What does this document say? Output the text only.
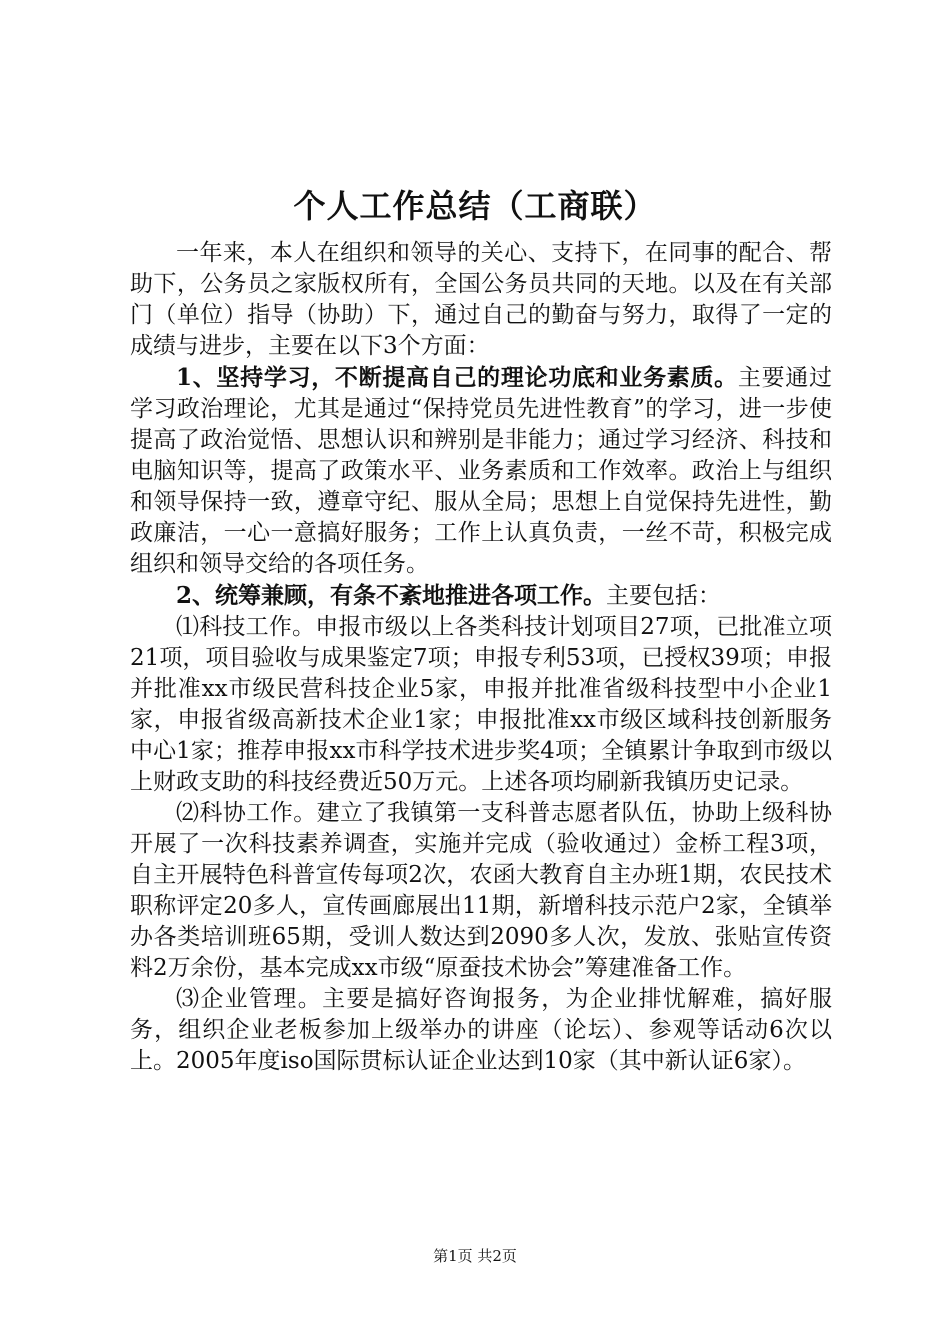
个人工作总结（工商联）

一年来，本人在组织和领导的关心、支持下，在同事的配合、帮助下，公务员之家版权所有，全国公务员共同的天地。以及在有关部门（单位）指导（协助）下，通过自己的勤奋与努力，取得了一定的成绩与进步，主要在以下3个方面：

1、坚持学习，不断提高自己的理论功底和业务素质。主要通过学习政治理论，尤其是通过“保持党员先进性教育”的学习，进一步使提高了政治觉悟、思想认识和辨别是非能力；通过学习经济、科技和电脑知识等，提高了政策水平、业务素质和工作效率。政治上与组织和领导保持一致，遵章守纪、服从全局；思想上自觉保持先进性，勤政廉洁，一心一意搞好服务；工作上认真负责，一丝不苛，积极完成组织和领导交给的各项任务。

2、统筹兼顾，有条不紊地推进各项工作。主要包括：

⑴科技工作。申报市级以上各类科技计划项目27项，已批准立项21项，项目验收与成果鉴定7项；申报专利53项，已授权39项；申报并批准xx市级民营科技企业5家，申报并批准省级科技型中小企业1家，申报省级高新技术企业1家；申报批准xx市级区域科技创新服务中心1家；推荐申报xx市科学技术进步奖4项；全镇累计争取到市级以上财政支助的科技经费近50万元。上述各项均刷新我镇历史记录。

⑵科协工作。建立了我镇第一支科普志愿者队伍，协助上级科协开展了一次科技素养调查，实施并完成（验收通过）金桥工程3项，自主开展特色科普宣传每项2次，农函大教育自主办班1期，农民技术职称评定20多人，宣传画廊展出11期，新增科技示范户2家，全镇举办各类培训班65期，受训人数达到2090多人次，发放、张贴宣传资料2万余份，基本完成xx市级“原蚕技术协会”筹建准备工作。

⑶企业管理。主要是搞好咨询报务，为企业排忧解难，搞好服务，组织企业老板参加上级举办的讲座（论坛）、参观等话动6次以上。2005年度iso国际贯标认证企业达到10家（其中新认证6家）。

第1页 共2页
